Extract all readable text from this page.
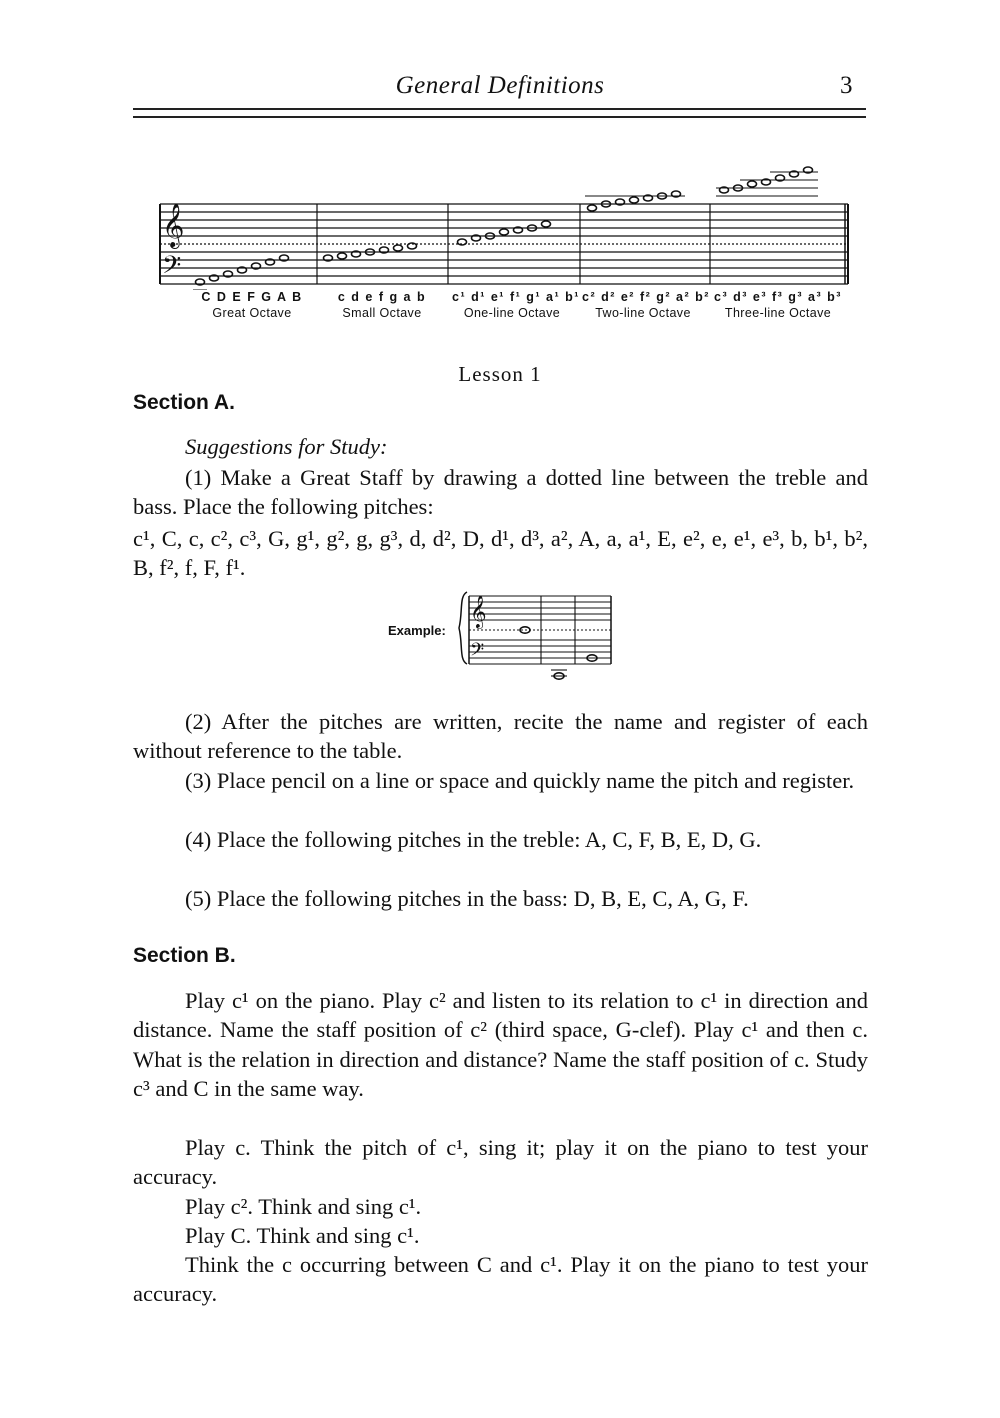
General Definitions	3
𝄞
𝄢
C D E F G A B
Great Octave
c d e f g a b
Small Octave
c¹ d¹ e¹ f¹ g¹ a¹ b¹
One-line Octave
c² d² e² f² g² a² b²
Two-line Octave
c³ d³ e³ f³ g³ a³ b³
Three-line Octave
Lesson 1
Section A.
Suggestions for Study:
(1) Make a Great Staff by drawing a dotted line between the treble and bass. Place the following pitches:
c¹, C, c, c², c³, G, g¹, g², g, g³, d, d², D, d¹, d³, a², A, a, a¹, E, e², e, e¹, e³, b, b¹, b², B, f², f, F, f¹.
Example:
𝄞
𝄢
(2) After the pitches are written, recite the name and register of each without reference to the table.
(3) Place pencil on a line or space and quickly name the pitch and register.
(4) Place the following pitches in the treble: A, C, F, B, E, D, G.
(5) Place the following pitches in the bass: D, B, E, C, A, G, F.
Section B.
Play c¹ on the piano. Play c² and listen to its relation to c¹ in direction and distance. Name the staff position of c² (third space, G-clef). Play c¹ and then c. What is the relation in direction and distance? Name the staff position of c. Study c³ and C in the same way.
Play c. Think the pitch of c¹, sing it; play it on the piano to test your accuracy.
Play c². Think and sing c¹.
Play C. Think and sing c¹.
Think the c occurring between C and c¹. Play it on the piano to test your accuracy.
